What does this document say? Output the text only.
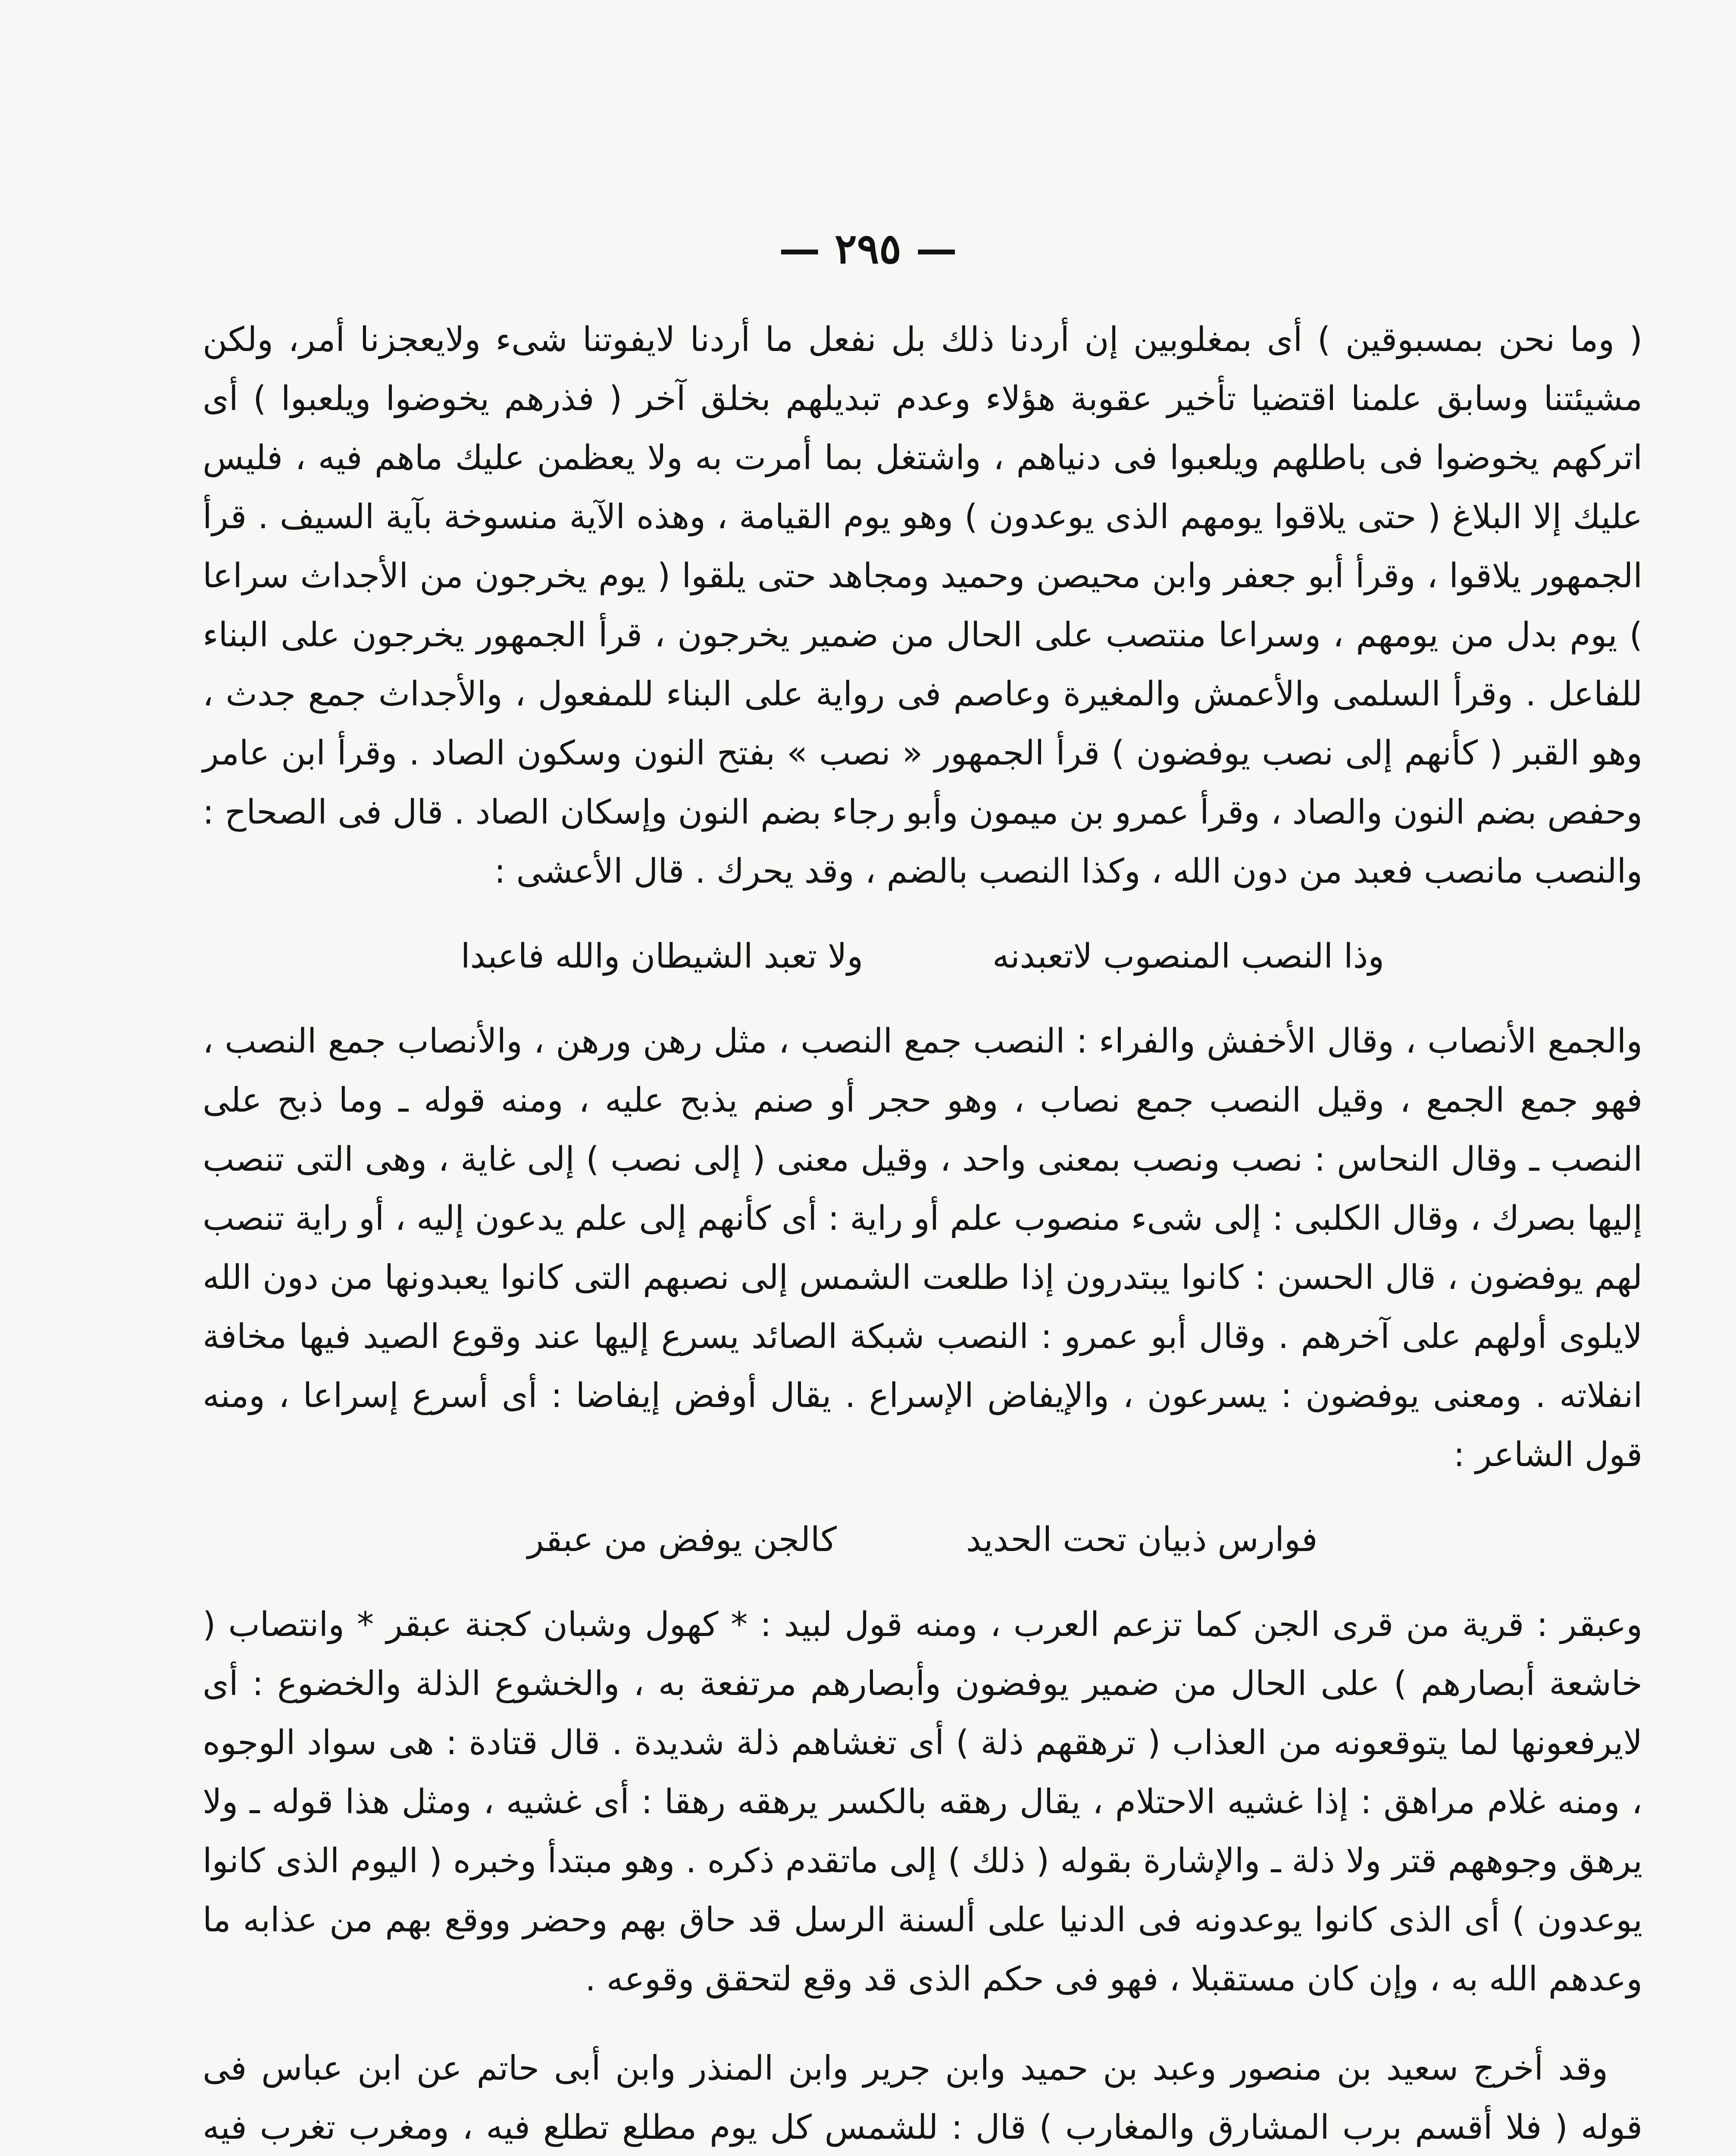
— ٢٩٥ —

( وما نحن بمسبوقين ) أى بمغلوبين إن أردنا ذلك بل نفعل ما أردنا لايفوتنا شىء ولايعجزنا أمر، ولكن مشيئتنا وسابق علمنا اقتضيا تأخير عقوبة هؤلاء وعدم تبديلهم بخلق آخر ( فذرهم يخوضوا ويلعبوا ) أى اتركهم يخوضوا فى باطلهم ويلعبوا فى دنياهم ، واشتغل بما أمرت به ولا يعظمن عليك ماهم فيه ، فليس عليك إلا البلاغ ( حتى يلاقوا يومهم الذى يوعدون ) وهو يوم القيامة ، وهذه الآية منسوخة بآية السيف . قرأ الجمهور يلاقوا ، وقرأ أبو جعفر وابن محيصن وحميد ومجاهد حتى يلقوا ( يوم يخرجون من الأجداث سراعا ) يوم بدل من يومهم ، وسراعا منتصب على الحال من ضمير يخرجون ، قرأ الجمهور يخرجون على البناء للفاعل . وقرأ السلمى والأعمش والمغيرة وعاصم فى رواية على البناء للمفعول ، والأجداث جمع جدث ، وهو القبر ( كأنهم إلى نصب يوفضون ) قرأ الجمهور « نصب » بفتح النون وسكون الصاد . وقرأ ابن عامر وحفص بضم النون والصاد ، وقرأ عمرو بن ميمون وأبو رجاء بضم النون وإسكان الصاد . قال فى الصحاح : والنصب مانصب فعبد من دون الله ، وكذا النصب بالضم ، وقد يحرك . قال الأعشى :

وذا النصب المنصوب لاتعبدنه
ولا تعبد الشيطان والله فاعبدا

والجمع الأنصاب ، وقال الأخفش والفراء : النصب جمع النصب ، مثل رهن ورهن ، والأنصاب جمع النصب ، فهو جمع الجمع ، وقيل النصب جمع نصاب ، وهو حجر أو صنم يذبح عليه ، ومنه قوله ـ وما ذبح على النصب ـ وقال النحاس : نصب ونصب بمعنى واحد ، وقيل معنى ( إلى نصب ) إلى غاية ، وهى التى تنصب إليها بصرك ، وقال الكلبى : إلى شىء منصوب علم أو راية : أى كأنهم إلى علم يدعون إليه ، أو راية تنصب لهم يوفضون ، قال الحسن : كانوا يبتدرون إذا طلعت الشمس إلى نصبهم التى كانوا يعبدونها من دون الله لايلوى أولهم على آخرهم . وقال أبو عمرو : النصب شبكة الصائد يسرع إليها عند وقوع الصيد فيها مخافة انفلاته . ومعنى يوفضون : يسرعون ، والإيفاض الإسراع . يقال أوفض إيفاضا : أى أسرع إسراعا ، ومنه قول الشاعر :

فوارس ذبيان تحت الحديد
كالجن يوفض من عبقر

وعبقر : قرية من قرى الجن كما تزعم العرب ، ومنه قول لبيد : * كهول وشبان كجنة عبقر * وانتصاب ( خاشعة أبصارهم ) على الحال من ضمير يوفضون وأبصارهم مرتفعة به ، والخشوع الذلة والخضوع : أى لايرفعونها لما يتوقعونه من العذاب ( ترهقهم ذلة ) أى تغشاهم ذلة شديدة . قال قتادة : هى سواد الوجوه ، ومنه غلام مراهق : إذا غشيه الاحتلام ، يقال رهقه بالكسر يرهقه رهقا : أى غشيه ، ومثل هذا قوله ـ ولا يرهق وجوههم قتر ولا ذلة ـ والإشارة بقوله ( ذلك ) إلى ماتقدم ذكره . وهو مبتدأ وخبره ( اليوم الذى كانوا يوعدون ) أى الذى كانوا يوعدونه فى الدنيا على ألسنة الرسل قد حاق بهم وحضر ووقع بهم من عذابه ما وعدهم الله به ، وإن كان مستقبلا ، فهو فى حكم الذى قد وقع لتحقق وقوعه .

وقد أخرج سعيد بن منصور وعبد بن حميد وابن جرير وابن المنذر وابن أبى حاتم عن ابن عباس فى قوله ( فلا أقسم برب المشارق والمغارب ) قال : للشمس كل يوم مطلع تطلع فيه ، ومغرب تغرب فيه
